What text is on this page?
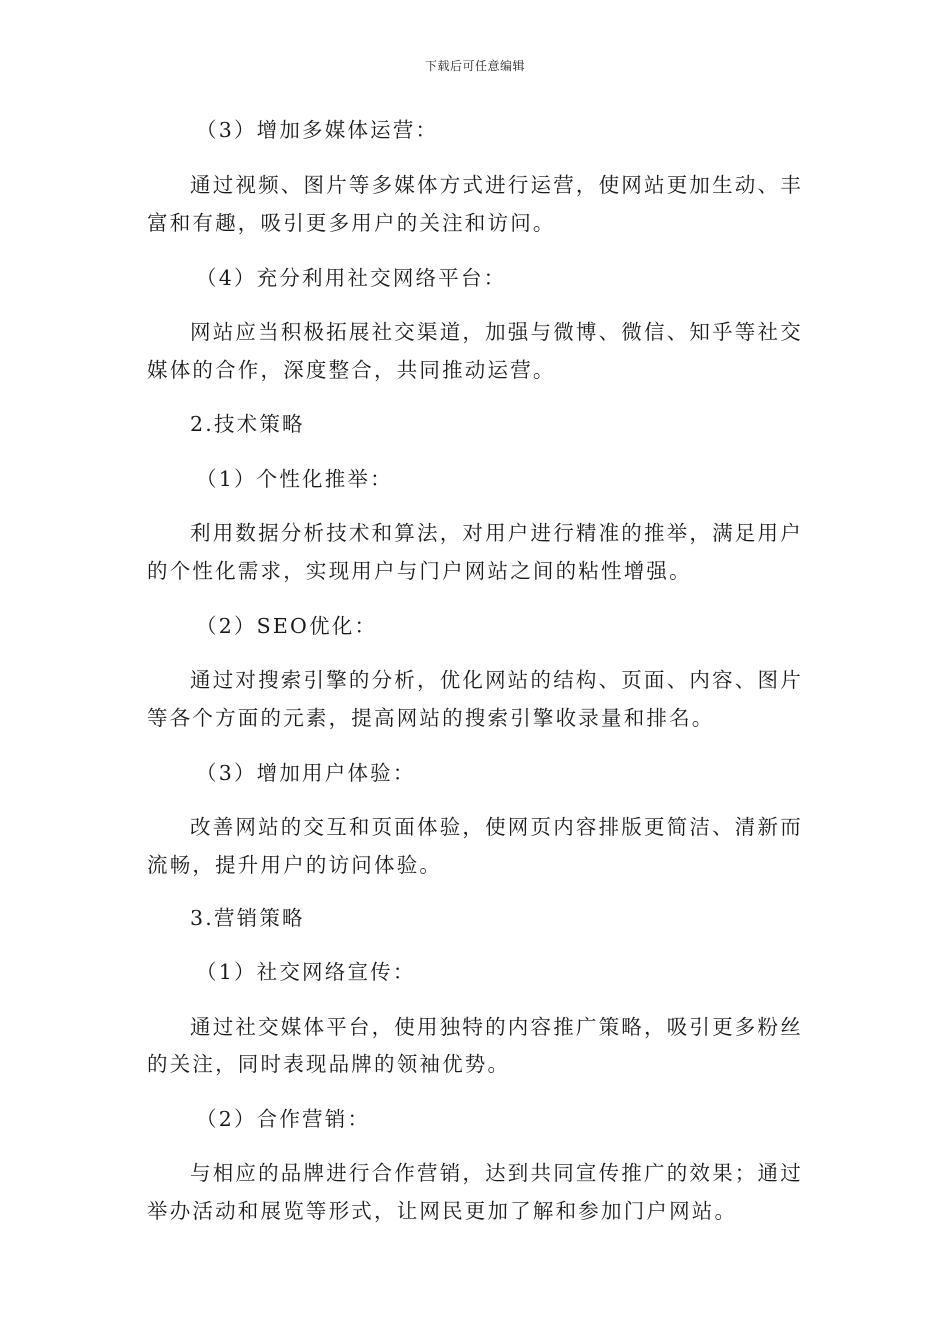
下载后可任意编辑
（3）增加多媒体运营：
通过视频、图片等多媒体方式进行运营，使网站更加生动、丰
富和有趣，吸引更多用户的关注和访问。
（4）充分利用社交网络平台：
网站应当积极拓展社交渠道，加强与微博、微信、知乎等社交
媒体的合作，深度整合，共同推动运营。
2.技术策略
（1）个性化推举：
利用数据分析技术和算法，对用户进行精准的推举，满足用户
的个性化需求，实现用户与门户网站之间的粘性增强。
（2）SEO优化：
通过对搜索引擎的分析，优化网站的结构、页面、内容、图片
等各个方面的元素，提高网站的搜索引擎收录量和排名。
（3）增加用户体验：
改善网站的交互和页面体验，使网页内容排版更简洁、清新而
流畅，提升用户的访问体验。
3.营销策略
（1）社交网络宣传：
通过社交媒体平台，使用独特的内容推广策略，吸引更多粉丝
的关注，同时表现品牌的领袖优势。
（2）合作营销：
与相应的品牌进行合作营销，达到共同宣传推广的效果；通过
举办活动和展览等形式，让网民更加了解和参加门户网站。
